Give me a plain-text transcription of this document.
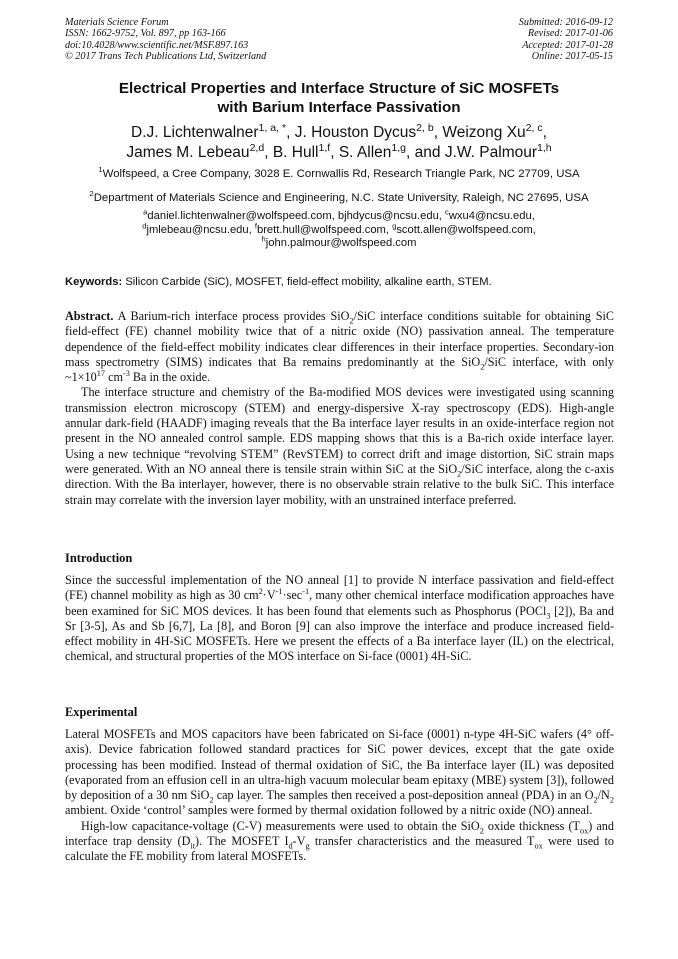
Materials Science Forum
ISSN: 1662-9752, Vol. 897, pp 163-166
doi:10.4028/www.scientific.net/MSF.897.163
© 2017 Trans Tech Publications Ltd, Switzerland
Submitted: 2016-09-12
Revised: 2017-01-06
Accepted: 2017-01-28
Online: 2017-05-15
Electrical Properties and Interface Structure of SiC MOSFETs
with Barium Interface Passivation
D.J. Lichtenwalner$^{1, a, *}$, J. Houston Dycus$^{2, b}$, Weizong Xu$^{2, c}$,
James M. Lebeau$^{2,d}$, B. Hull$^{1,f}$, S. Allen$^{1,g}$, and J.W. Palmour$^{1,h}$
$^1$Wolfspeed, a Cree Company, 3028 E. Cornwallis Rd, Research Triangle Park, NC 27709, USA
$^2$Department of Materials Science and Engineering, N.C. State University, Raleigh, NC 27695, USA
$^a$daniel.lichtenwalner@wolfspeed.com, bjhdycus@ncsu.edu, $^c$wxu4@ncsu.edu,
$^d$jmlebeau@ncsu.edu, $^f$brett.hull@wolfspeed.com, $^g$scott.allen@wolfspeed.com,
$^h$john.palmour@wolfspeed.com
Keywords: Silicon Carbide (SiC), MOSFET, field-effect mobility, alkaline earth, STEM.

Abstract. A Barium-rich interface process provides SiO$_2$/SiC interface conditions suitable for obtaining SiC field-effect (FE) channel mobility twice that of a nitric oxide (NO) passivation anneal. The temperature dependence of the field-effect mobility indicates clear differences in their interface properties. Secondary-ion mass spectrometry (SIMS) indicates that Ba remains predominantly at the SiO$_2$/SiC interface, with only $\sim 1\times 10^{17}$ $cm^{-3}$ Ba in the oxide.

The interface structure and chemistry of the Ba-modified MOS devices were investigated using scanning transmission electron microscopy (STEM) and energy-dispersive X-ray spectroscopy (EDS). High-angle annular dark-field (HAADF) imaging reveals that the Ba interface layer results in an oxide-interface region not present in the NO annealed control sample. EDS mapping shows that this is a Ba-rich oxide interface layer. Using a new technique “revolving STEM” (RevSTEM) to correct drift and image distortion, SiC strain maps were generated. With an NO anneal there is tensile strain within SiC at the SiO$_2$/SiC interface, along the c-axis direction. With the Ba interlayer, however, there is no observable strain relative to the bulk SiC. This interface strain may correlate with the inversion layer mobility, with an unstrained interface preferred.

Introduction

Since the successful implementation of the NO anneal [1] to provide N interface passivation and field-effect (FE) channel mobility as high as 30 $cm^2\cdot V^{-1}\cdot\sec^{-1}$, many other chemical interface modification approaches have been examined for SiC MOS devices. It has been found that elements such as Phosphorus (POCl$_3$ [2]), Ba and Sr [3-5], As and Sb [6,7], La [8], and Boron [9] can also improve the interface and produce increased field-effect mobility in 4H-SiC MOSFETs. Here we present the effects of a Ba interface layer (IL) on the electrical, chemical, and structural properties of the MOS interface on Si-face (0001) 4H-SiC.

Experimental

Lateral MOSFETs and MOS capacitors have been fabricated on Si-face (0001) n-type 4H-SiC wafers (4° off-axis). Device fabrication followed standard practices for SiC power devices, except that the gate oxide processing has been modified. Instead of thermal oxidation of SiC, the Ba interface layer (IL) was deposited (evaporated from an effusion cell in an ultra-high vacuum molecular beam epitaxy (MBE) system [3]), followed by deposition of a 30 nm SiO$_2$ cap layer. The samples then received a post-deposition anneal (PDA) in an $O_2/N_2$ ambient. Oxide ‘control’ samples were formed by thermal oxidation followed by a nitric oxide (NO) anneal.

High-low capacitance-voltage (C-V) measurements were used to obtain the SiO$_2$ oxide thickness $(T_{ox})$ and interface trap density $(D_{it})$. The MOSFET $I_d-V_g$ transfer characteristics and the measured $T_{ox}$ were used to calculate the FE mobility from lateral MOSFETs.
